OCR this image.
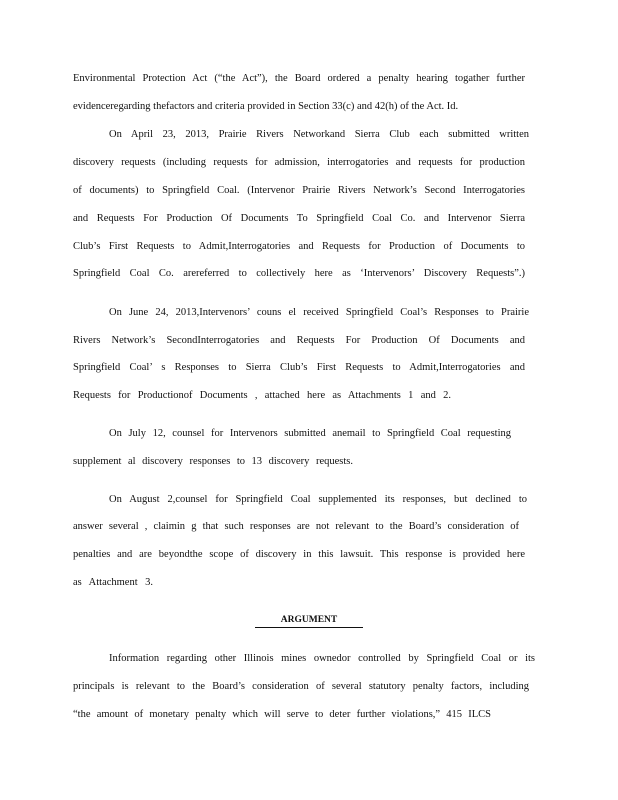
Environmental Protection Act (“the Act”), the Board ordered a penalty hearing togather further
evidenceregarding thefactors and criteria provided in Section 33(c) and 42(h) of the Act. Id.
On April 23, 2013, Prairie Rivers Networkand Sierra Club each submitted written
discovery requests (including requests for admission, interrogatories and requests for production
of documents) to Springfield Coal. (Intervenor Prairie Rivers Network’s Second Interrogatories
and Requests For Production Of Documents To Springfield Coal Co. and Intervenor Sierra
Club’s First Requests to Admit,Interrogatories and Requests for Production of Documents to
Springfield Coal Co. arereferred to collectively here as ‘Intervenors’ Discovery Requests”.)
On June 24, 2013,Intervenors’ couns el received Springfield Coal’s Responses to Prairie
Rivers Network’s SecondInterrogatories and Requests For Production Of Documents and
Springfield Coal’ s Responses to Sierra Club’s First Requests to Admit,Interrogatories and
Requests for Productionof Documents , attached here as Attachments 1 and 2.
On July 12, counsel for Intervenors submitted anemail to Springfield Coal requesting
supplement al discovery responses to 13 discovery requests.
On August 2,counsel for Springfield Coal supplemented its responses, but declined to
answer several , claimin g that such responses are not relevant to the Board’s consideration of
penalties and are beyondthe scope of discovery in this lawsuit. This response is provided here
as Attachment 3.
ARGUMENT
Information regarding other Illinois mines ownedor controlled by Springfield Coal or its
principals is relevant to the Board’s consideration of several statutory penalty factors, including
“the amount of monetary penalty which will serve to deter further violations,” 415 ILCS
